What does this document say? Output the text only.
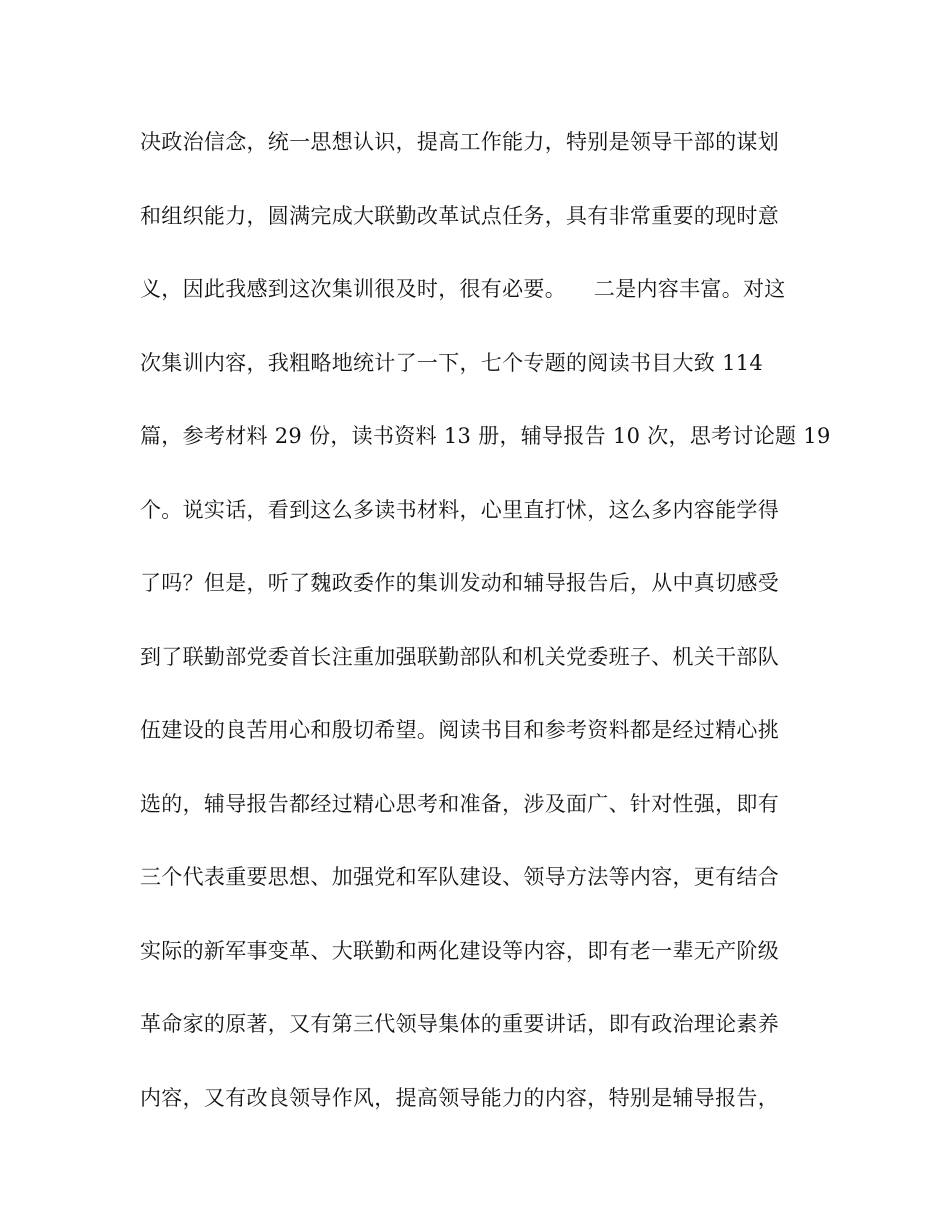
决政治信念，统一思想认识，提高工作能力，特别是领导干部的谋划
和组织能力，圆满完成大联勤改革试点任务，具有非常重要的现时意
义，因此我感到这次集训很及时，很有必要。    二是内容丰富。对这
次集训内容，我粗略地统计了一下，七个专题的阅读书目大致 114
篇，参考材料 29 份，读书资料 13 册，辅导报告 10 次，思考讨论题 19
个。说实话，看到这么多读书材料，心里直打怵，这么多内容能学得
了吗？但是，听了魏政委作的集训发动和辅导报告后，从中真切感受
到了联勤部党委首长注重加强联勤部队和机关党委班子、机关干部队
伍建设的良苦用心和殷切希望。阅读书目和参考资料都是经过精心挑
选的，辅导报告都经过精心思考和准备，涉及面广、针对性强，即有
三个代表重要思想、加强党和军队建设、领导方法等内容，更有结合
实际的新军事变革、大联勤和两化建设等内容，即有老一辈无产阶级
革命家的原著，又有第三代领导集体的重要讲话，即有政治理论素养
内容，又有改良领导作风，提高领导能力的内容，特别是辅导报告，
